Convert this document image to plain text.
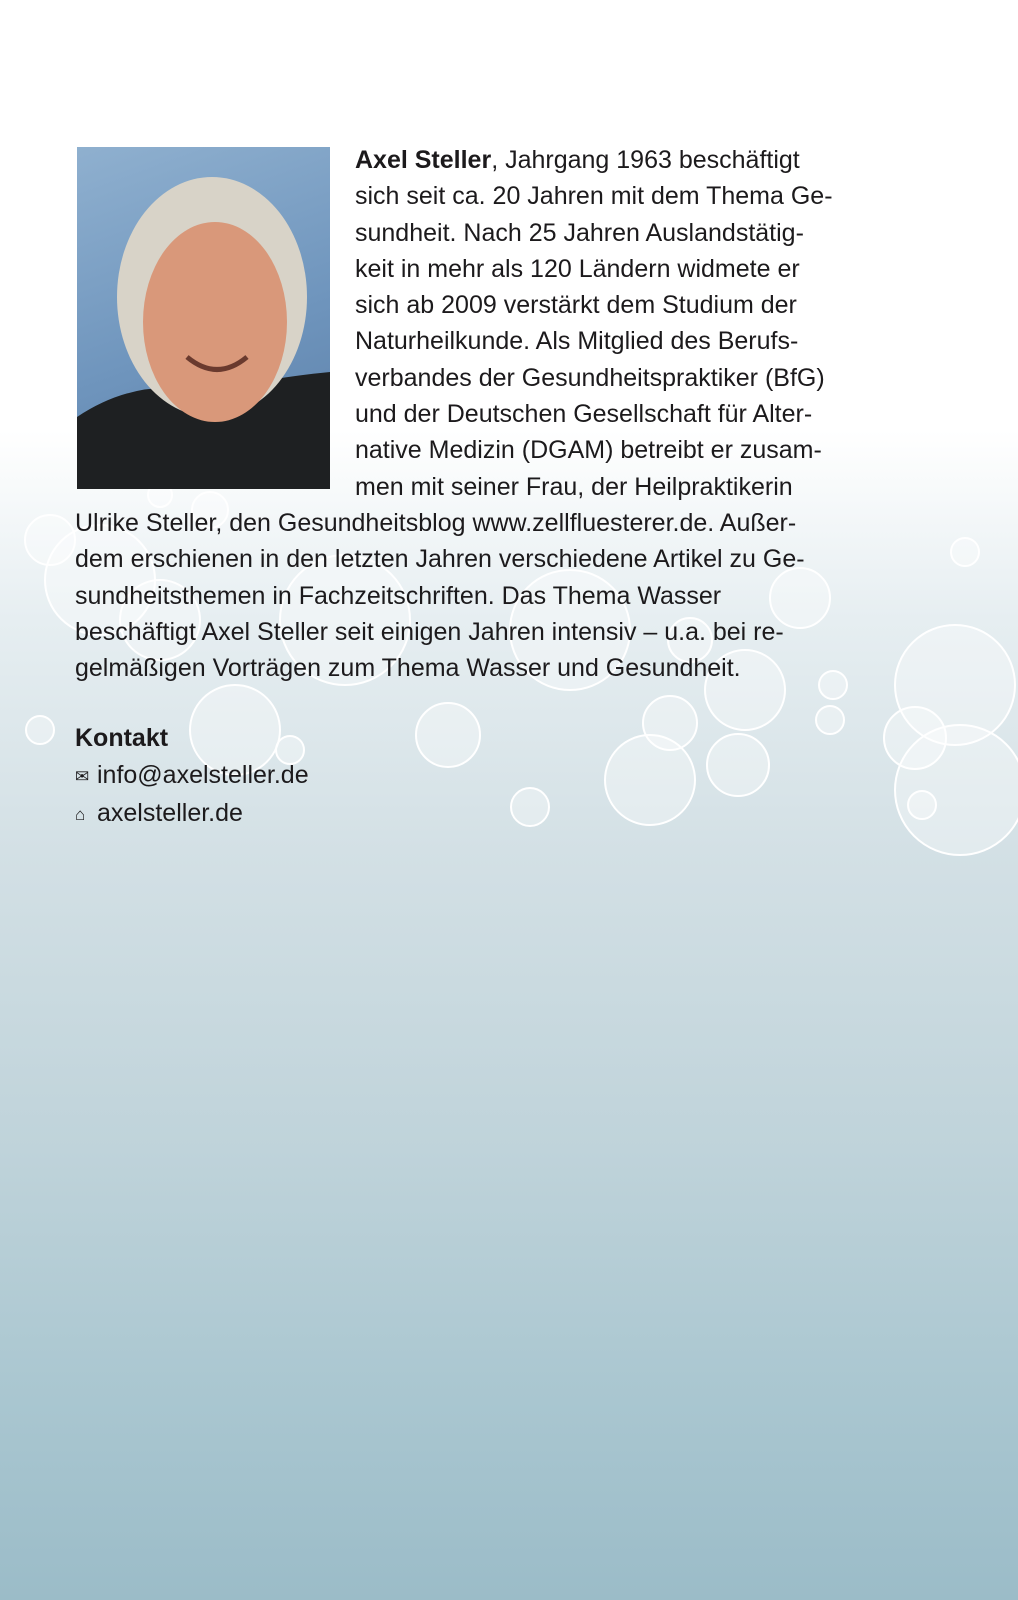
Axel Steller, Jahrgang 1963 beschäftigt
sich seit ca. 20 Jahren mit dem Thema Ge-
sundheit. Nach 25 Jahren Auslandstätig-
keit in mehr als 120 Ländern widmete er
sich ab 2009 verstärkt dem Studium der
Naturheilkunde. Als Mitglied des Berufs-
verbandes der Gesundheitspraktiker (BfG)
und der Deutschen Gesellschaft für Alter-
native Medizin (DGAM) betreibt er zusam-
men mit seiner Frau, der Heilpraktikerin
Ulrike Steller, den Gesundheitsblog www.zellfluesterer.de. Außer-
dem erschienen in den letzten Jahren verschiedene Artikel zu Ge-
sundheitsthemen in Fachzeitschriften. Das Thema Wasser
beschäftigt Axel Steller seit einigen Jahren intensiv – u.a. bei re-
gelmäßigen Vorträgen zum Thema Wasser und Gesundheit.
Kontakt
✉ info@axelsteller.de
⌂ axelsteller.de
